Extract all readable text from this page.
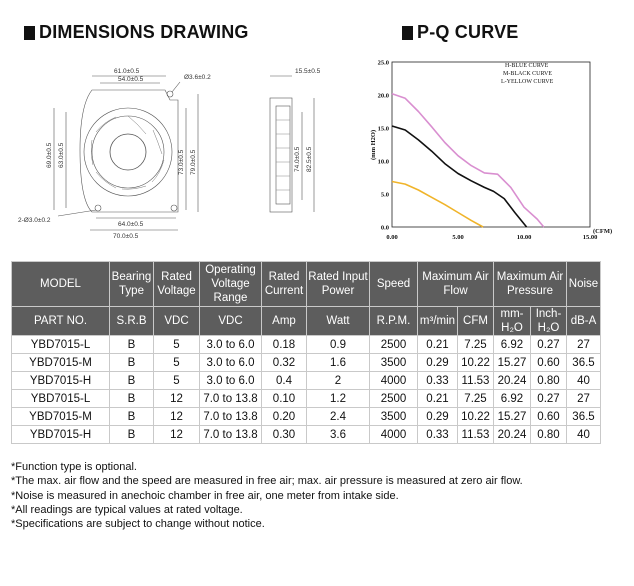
DIMENSIONS DRAWING	P-Q CURVE
61.0±0.5
54.0±0.5	Ø3.6±0.2
69.0±0.5 63.0±0.5	73.0±0.5 79.0±0.5
64.0±0.5
70.0±0.5
2-Ø3.0±0.2
15.5±0.5
74.0±0.5 82.5±0.5	(mm H2O)
(CFM)
0.0
5.0
10.0
15.0
20.0
25.0
0.00	5.00	10.00	15.00
H-BLUE CURVE
M-BLACK CURVE
L-YELLOW CURVE
MODEL	Bearing Type	Rated Voltage	Operating Voltage Range	Rated Current	Rated Input Power	Speed	Maximum Air Flow		Maximum Air Pressure		Noise
PART NO.	S.R.B	VDC	VDC	Amp	Watt	R.P.M.	m³/min	CFM	mm-H₂O	Inch-H₂O	dB-A
YBD7015-L	B	5	3.0 to 6.0	0.18	0.9	2500	0.21	7.25	6.92	0.27	27
YBD7015-M	B	5	3.0 to 6.0	0.32	1.6	3500	0.29	10.22	15.27	0.60	36.5
YBD7015-H	B	5	3.0 to 6.0	0.4	2	4000	0.33	11.53	20.24	0.80	40
YBD7015-L	B	12	7.0 to 13.8	0.10	1.2	2500	0.21	7.25	6.92	0.27	27
YBD7015-M	B	12	7.0 to 13.8	0.20	2.4	3500	0.29	10.22	15.27	0.60	36.5
YBD7015-H	B	12	7.0 to 13.8	0.30	3.6	4000	0.33	11.53	20.24	0.80	40
*Function type is optional.
*The max. air flow and the speed are measured in free air; max. air pressure is measured at zero air flow.
*Noise is measured in anechoic chamber in free air, one meter from intake side.
*All readings are typical values at rated voltage.
*Specifications are subject to change without notice.
